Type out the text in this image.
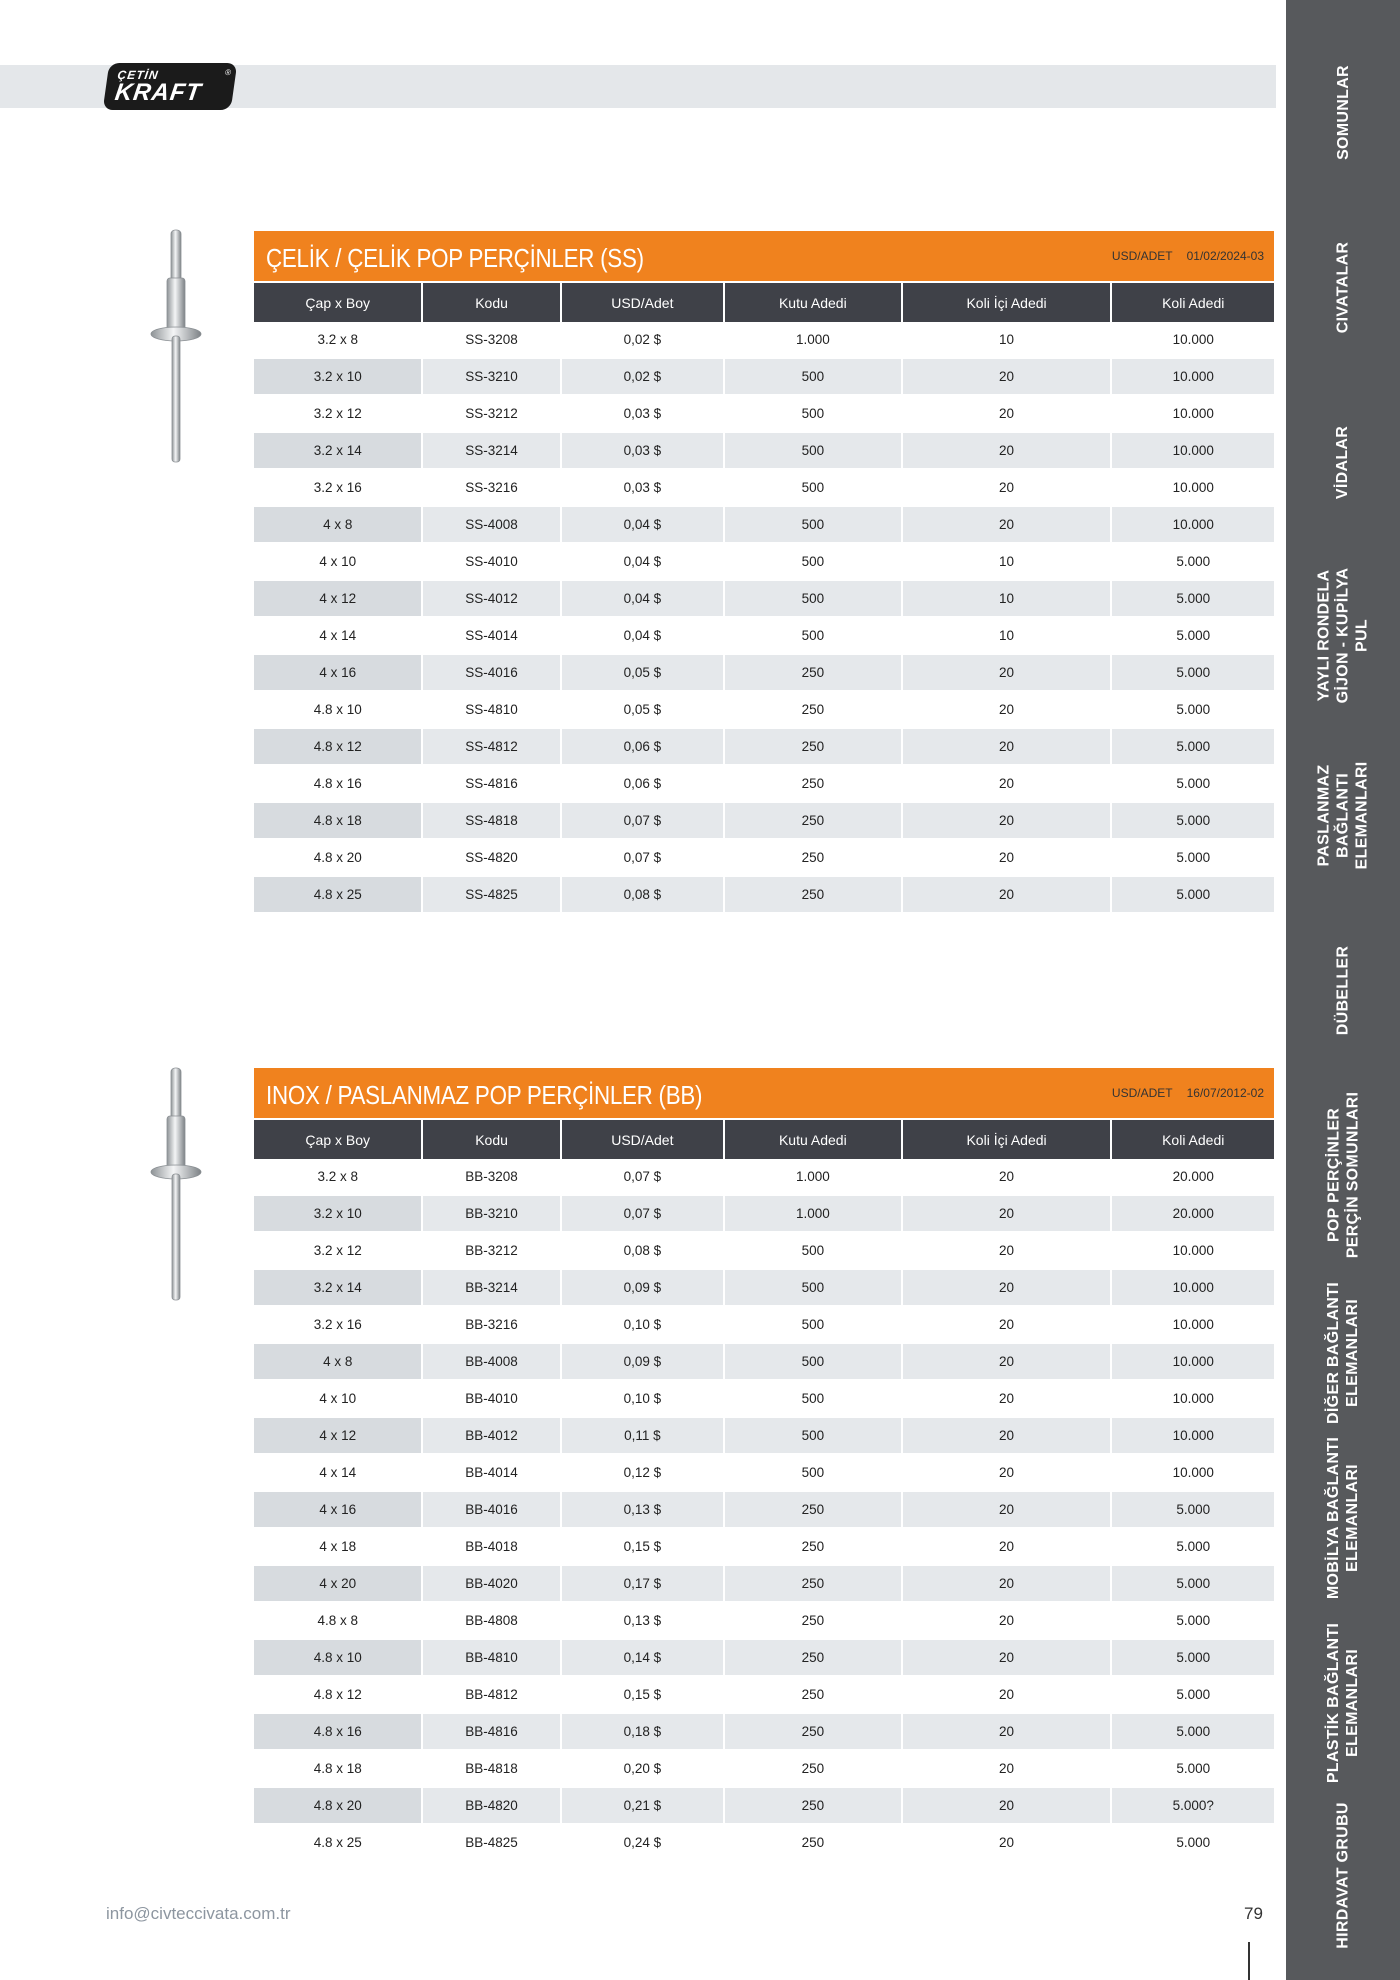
ÇETİN
KRAFT
®	SOMUNLAR
CIVATALAR
VİDALAR
YAYLI RONDELA
GİJON - KUPİLYA
PUL
PASLANMAZ
BAĞLANTI
ELEMANLARI
DÜBELLER
POP PERÇİNLER
PERÇİN SOMUNLARI
DİĞER BAĞLANTI
ELEMANLARI
MOBİLYA BAĞLANTI
ELEMANLARI
PLASTİK BAĞLANTI
ELEMANLARI
HIRDAVAT GRUBU
ÇELİK / ÇELİK POP PERÇİNLER (SS)	USD/ADET 01/02/2024-03
Çap x Boy	Kodu	USD/Adet	Kutu Adedi	Koli İçi Adedi	Koli Adedi
3.2 x 8	SS-3208	0,02 $	1.000	10	10.000
3.2 x 10	SS-3210	0,02 $	500	20	10.000
3.2 x 12	SS-3212	0,03 $	500	20	10.000
3.2 x 14	SS-3214	0,03 $	500	20	10.000
3.2 x 16	SS-3216	0,03 $	500	20	10.000
4 x 8	SS-4008	0,04 $	500	20	10.000
4 x 10	SS-4010	0,04 $	500	10	5.000
4 x 12	SS-4012	0,04 $	500	10	5.000
4 x 14	SS-4014	0,04 $	500	10	5.000
4 x 16	SS-4016	0,05 $	250	20	5.000
4.8 x 10	SS-4810	0,05 $	250	20	5.000
4.8 x 12	SS-4812	0,06 $	250	20	5.000
4.8 x 16	SS-4816	0,06 $	250	20	5.000
4.8 x 18	SS-4818	0,07 $	250	20	5.000
4.8 x 20	SS-4820	0,07 $	250	20	5.000
4.8 x 25	SS-4825	0,08 $	250	20	5.000
INOX / PASLANMAZ POP PERÇİNLER (BB)	USD/ADET 16/07/2012-02
Çap x Boy	Kodu	USD/Adet	Kutu Adedi	Koli İçi Adedi	Koli Adedi
3.2 x 8	BB-3208	0,07 $	1.000	20	20.000
3.2 x 10	BB-3210	0,07 $	1.000	20	20.000
3.2 x 12	BB-3212	0,08 $	500	20	10.000
3.2 x 14	BB-3214	0,09 $	500	20	10.000
3.2 x 16	BB-3216	0,10 $	500	20	10.000
4 x 8	BB-4008	0,09 $	500	20	10.000
4 x 10	BB-4010	0,10 $	500	20	10.000
4 x 12	BB-4012	0,11 $	500	20	10.000
4 x 14	BB-4014	0,12 $	500	20	10.000
4 x 16	BB-4016	0,13 $	250	20	5.000
4 x 18	BB-4018	0,15 $	250	20	5.000
4 x 20	BB-4020	0,17 $	250	20	5.000
4.8 x 8	BB-4808	0,13 $	250	20	5.000
4.8 x 10	BB-4810	0,14 $	250	20	5.000
4.8 x 12	BB-4812	0,15 $	250	20	5.000
4.8 x 16	BB-4816	0,18 $	250	20	5.000
4.8 x 18	BB-4818	0,20 $	250	20	5.000
4.8 x 20	BB-4820	0,21 $	250	20	5.000?
4.8 x 25	BB-4825	0,24 $	250	20	5.000
info@civteccivata.com.tr	79
